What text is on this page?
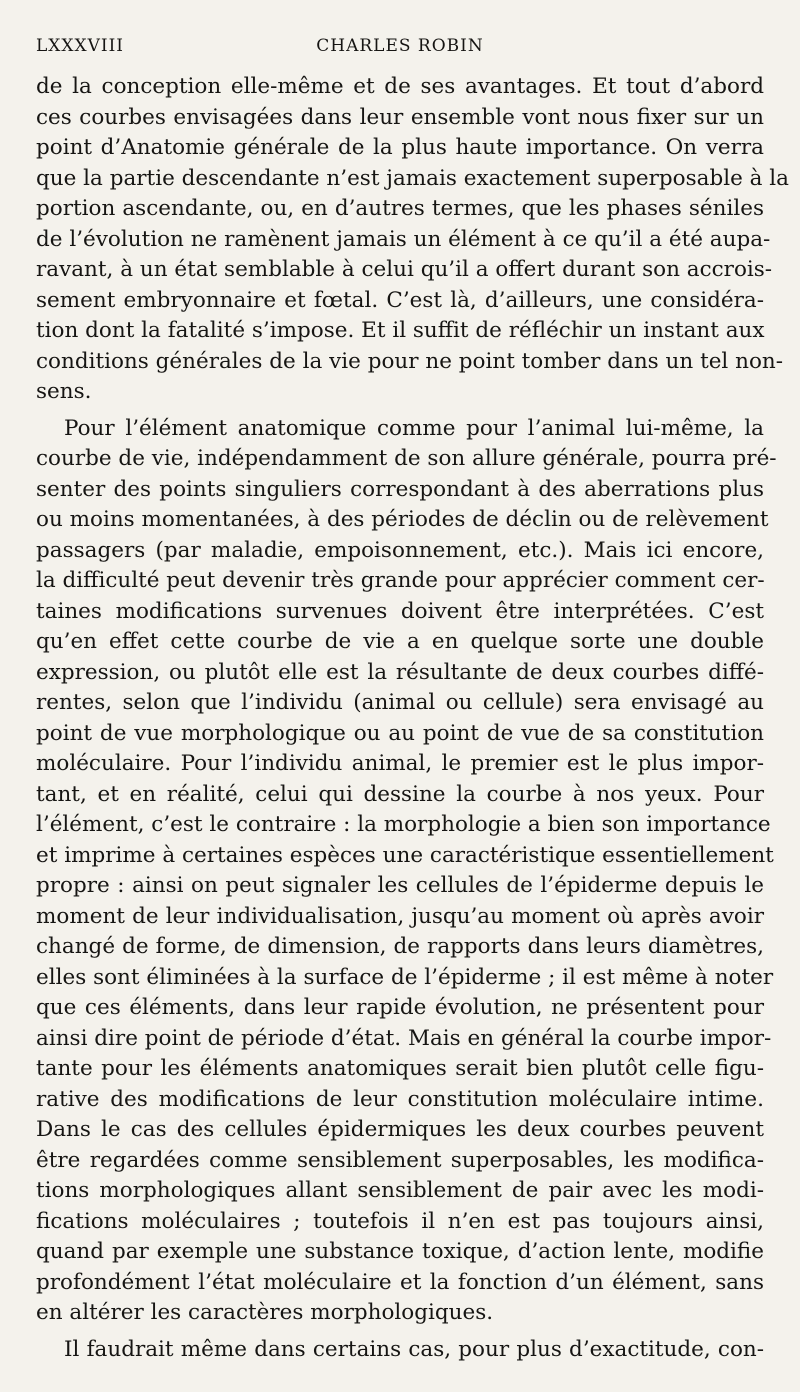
LXXXVIII	CHARLES ROBIN
de la conception elle-même et de ses avantages. Et tout d’abord
ces courbes envisagées dans leur ensemble vont nous fixer sur un
point d’Anatomie générale de la plus haute importance. On verra
que la partie descendante n’est jamais exactement superposable à la
portion ascendante, ou, en d’autres termes, que les phases séniles
de l’évolution ne ramènent jamais un élément à ce qu’il a été aupa-
ravant, à un état semblable à celui qu’il a offert durant son accrois-
sement embryonnaire et fœtal. C’est là, d’ailleurs, une considéra-
tion dont la fatalité s’impose. Et il suffit de réfléchir un instant aux
conditions générales de la vie pour ne point tomber dans un tel non-
sens.
Pour l’élément anatomique comme pour l’animal lui-même, la
courbe de vie, indépendamment de son allure générale, pourra pré-
senter des points singuliers correspondant à des aberrations plus
ou moins momentanées, à des périodes de déclin ou de relèvement
passagers (par maladie, empoisonnement, etc.). Mais ici encore,
la difficulté peut devenir très grande pour apprécier comment cer-
taines modifications survenues doivent être interprétées. C’est
qu’en effet cette courbe de vie a en quelque sorte une double
expression, ou plutôt elle est la résultante de deux courbes diffé-
rentes, selon que l’individu (animal ou cellule) sera envisagé au
point de vue morphologique ou au point de vue de sa constitution
moléculaire. Pour l’individu animal, le premier est le plus impor-
tant, et en réalité, celui qui dessine la courbe à nos yeux. Pour
l’élément, c’est le contraire : la morphologie a bien son importance
et imprime à certaines espèces une caractéristique essentiellement
propre : ainsi on peut signaler les cellules de l’épiderme depuis le
moment de leur individualisation, jusqu’au moment où après avoir
changé de forme, de dimension, de rapports dans leurs diamètres,
elles sont éliminées à la surface de l’épiderme ; il est même à noter
que ces éléments, dans leur rapide évolution, ne présentent pour
ainsi dire point de période d’état. Mais en général la courbe impor-
tante pour les éléments anatomiques serait bien plutôt celle figu-
rative des modifications de leur constitution moléculaire intime.
Dans le cas des cellules épidermiques les deux courbes peuvent
être regardées comme sensiblement superposables, les modifica-
tions morphologiques allant sensiblement de pair avec les modi-
fications moléculaires ; toutefois il n’en est pas toujours ainsi,
quand par exemple une substance toxique, d’action lente, modifie
profondément l’état moléculaire et la fonction d’un élément, sans
en altérer les caractères morphologiques.
Il faudrait même dans certains cas, pour plus d’exactitude, con-
